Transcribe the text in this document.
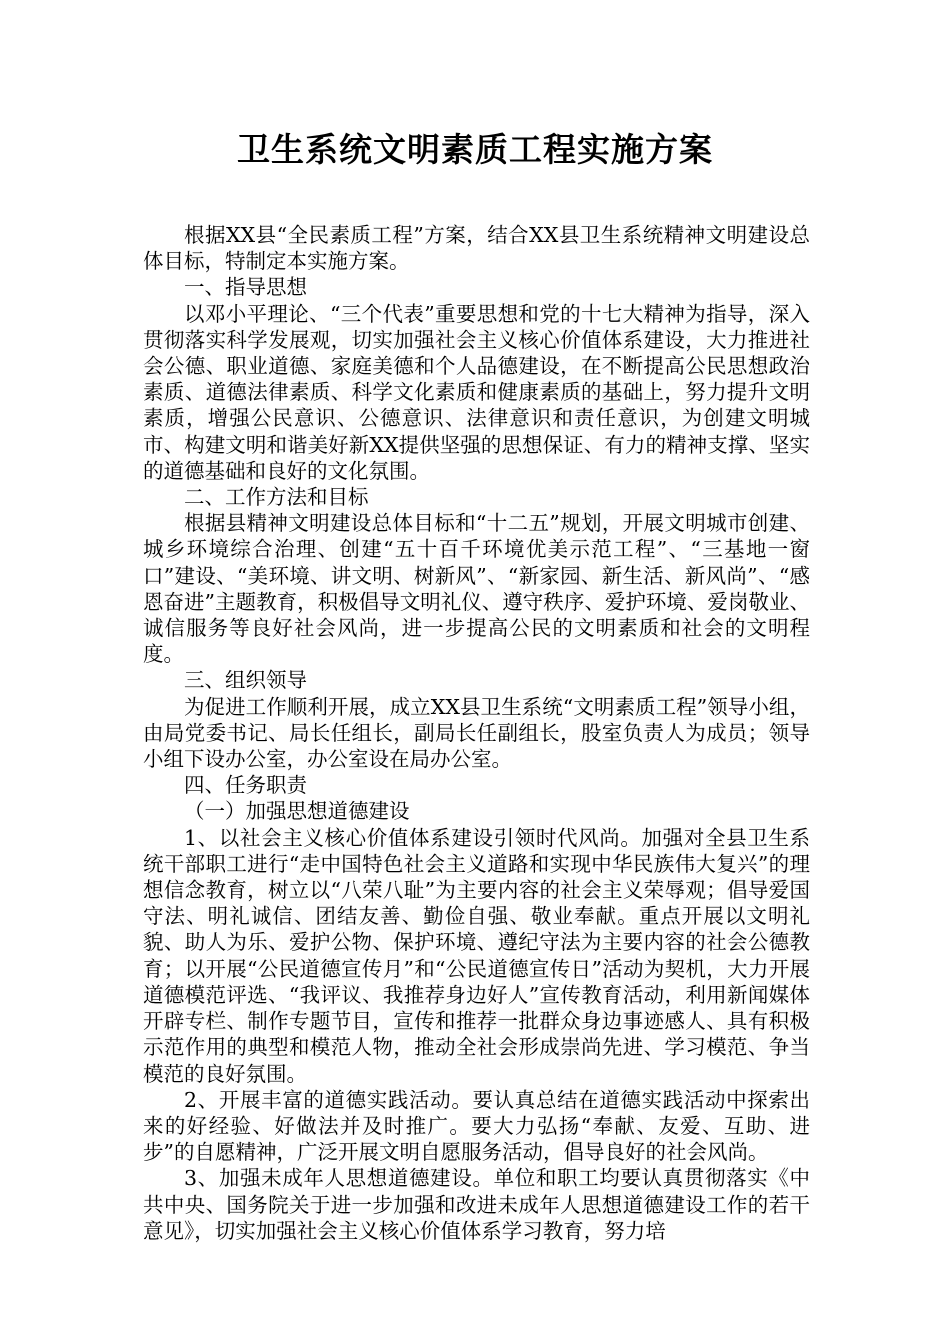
卫生系统文明素质工程实施方案

根据XX县“全民素质工程”方案，结合XX县卫生系统精神文明建设总体目标，特制定本实施方案。

一、指导思想

以邓小平理论、“三个代表”重要思想和党的十七大精神为指导，深入贯彻落实科学发展观，切实加强社会主义核心价值体系建设，大力推进社会公德、职业道德、家庭美德和个人品德建设，在不断提高公民思想政治素质、道德法律素质、科学文化素质和健康素质的基础上，努力提升文明素质，增强公民意识、公德意识、法律意识和责任意识，为创建文明城市、构建文明和谐美好新XX提供坚强的思想保证、有力的精神支撑、坚实的道德基础和良好的文化氛围。

二、工作方法和目标

根据县精神文明建设总体目标和“十二五”规划，开展文明城市创建、城乡环境综合治理、创建“五十百千环境优美示范工程”、“三基地一窗口”建设、“美环境、讲文明、树新风”、“新家园、新生活、新风尚”、“感恩奋进”主题教育，积极倡导文明礼仪、遵守秩序、爱护环境、爱岗敬业、诚信服务等良好社会风尚，进一步提高公民的文明素质和社会的文明程度。

三、组织领导

为促进工作顺利开展，成立XX县卫生系统“文明素质工程”领导小组，由局党委书记、局长任组长，副局长任副组长，股室负责人为成员；领导小组下设办公室，办公室设在局办公室。

四、任务职责

（一）加强思想道德建设

1、以社会主义核心价值体系建设引领时代风尚。加强对全县卫生系统干部职工进行“走中国特色社会主义道路和实现中华民族伟大复兴”的理想信念教育，树立以“八荣八耻”为主要内容的社会主义荣辱观；倡导爱国守法、明礼诚信、团结友善、勤俭自强、敬业奉献。重点开展以文明礼貌、助人为乐、爱护公物、保护环境、遵纪守法为主要内容的社会公德教育；以开展“公民道德宣传月”和“公民道德宣传日”活动为契机，大力开展道德模范评选、“我评议、我推荐身边好人”宣传教育活动，利用新闻媒体开辟专栏、制作专题节目，宣传和推荐一批群众身边事迹感人、具有积极示范作用的典型和模范人物，推动全社会形成崇尚先进、学习模范、争当模范的良好氛围。

2、开展丰富的道德实践活动。要认真总结在道德实践活动中探索出来的好经验、好做法并及时推广。要大力弘扬“奉献、友爱、互助、进步”的自愿精神，广泛开展文明自愿服务活动，倡导良好的社会风尚。

3、加强未成年人思想道德建设。单位和职工均要认真贯彻落实《中共中央、国务院关于进一步加强和改进未成年人思想道德建设工作的若干意见》，切实加强社会主义核心价值体系学习教育，努力培
